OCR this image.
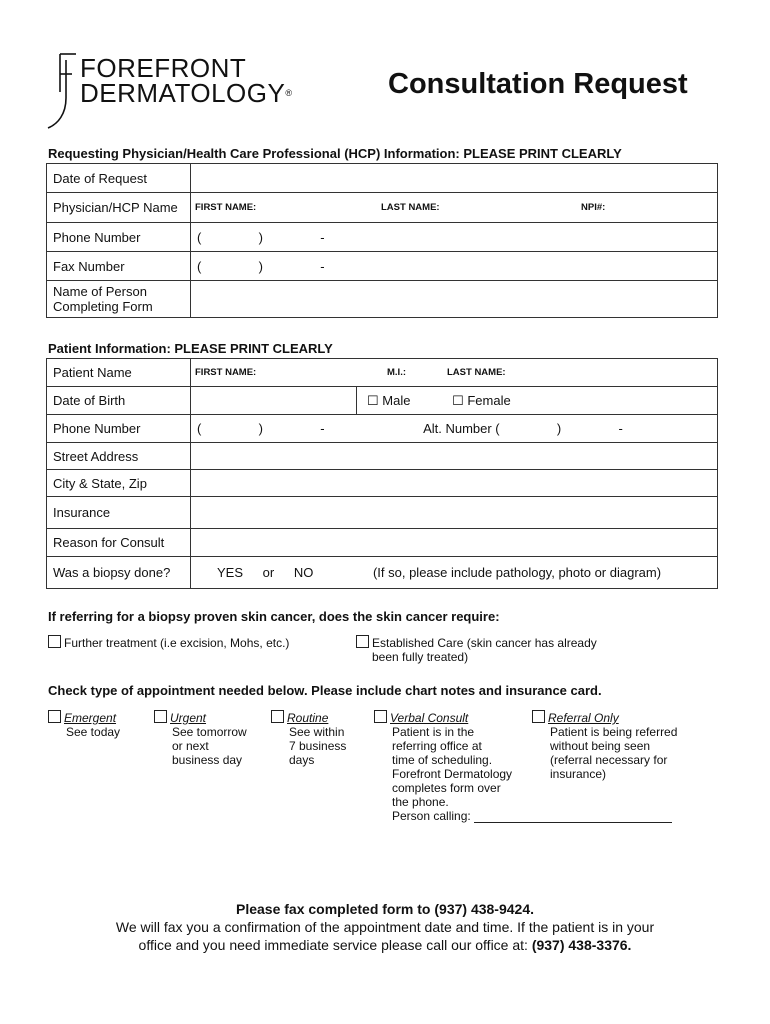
FOREFRONT
DERMATOLOGY®	Consultation Request
Requesting Physician/Health Care Professional (HCP) Information: PLEASE PRINT CLEARLY
Date of Request	
Physician/HCP Name	FIRST NAME: LAST NAME: NPI#:

Phone Number	( ) -
Fax Number	( ) -
Name of Person Completing Form	
Patient Information: PLEASE PRINT CLEARLY
Patient Name	FIRST NAME: M.I.: LAST NAME:	

Date of Birth		☐ Male ☐ Female
Phone Number	( ) - Alt. Number ( ) -	
Street Address		
City & State, Zip		
Insurance		
Reason for Consult		
Was a biopsy done?	YES or NO (If so, please include pathology, photo or diagram)	
If referring for a biopsy proven skin cancer, does the skin cancer require:
Further treatment (i.e excision, Mohs, etc.)	Established Care (skin cancer has already
been fully treated)
Check type of appointment needed below. Please include chart notes and insurance card.
Emergent
See today
Urgent
See tomorrow
or next
business day
Routine
See within
7 business
days
Verbal Consult
Patient is in the
referring office at
time of scheduling.
Forefront Dermatology
completes form over
the phone.
Person calling:
Referral Only
Patient is being referred
without being seen
(referral necessary for
insurance)
Please fax completed form to (937) 438-9424.
We will fax you a confirmation of the appointment date and time. If the patient is in your
office and you need immediate service please call our office at: (937) 438-3376.
